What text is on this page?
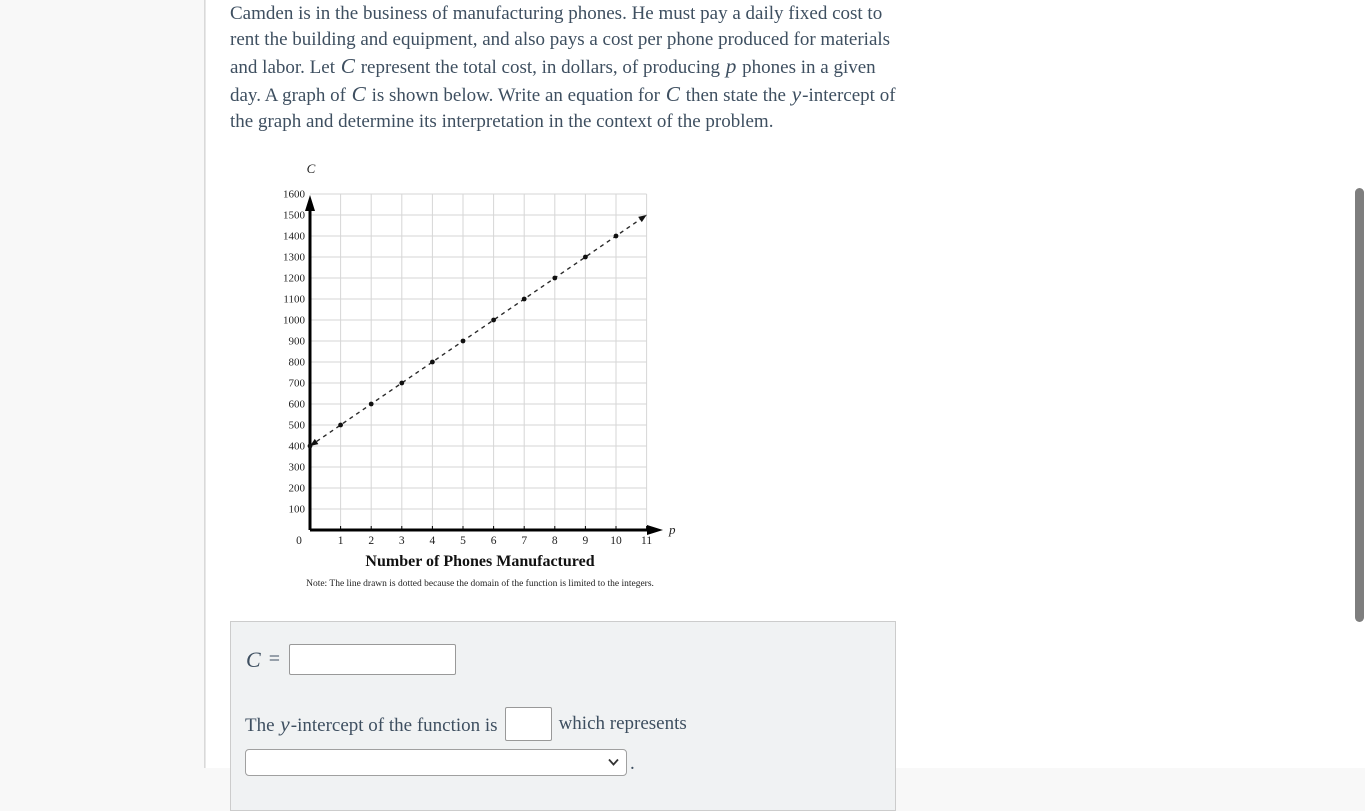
Camden is in the business of manufacturing phones. He must pay a daily fixed cost to rent the building and equipment, and also pays a cost per phone produced for materials and labor. Let C represent the total cost, in dollars, of producing p phones in a given day. A graph of C is shown below. Write an equation for C then state the y-intercept of the graph and determine its interpretation in the context of the problem.
0	1 2 3 4 5 6 7 8 9 10 11
100
200
300
400
500
600
700
800
900
1000
1100
1200
1300
1400
1500
1600
C
p
Number of Phones Manufactured
Note: The line drawn is dotted because the domain of the function is limited to the integers.
C =
The y-intercept of the function is	which represents
.
